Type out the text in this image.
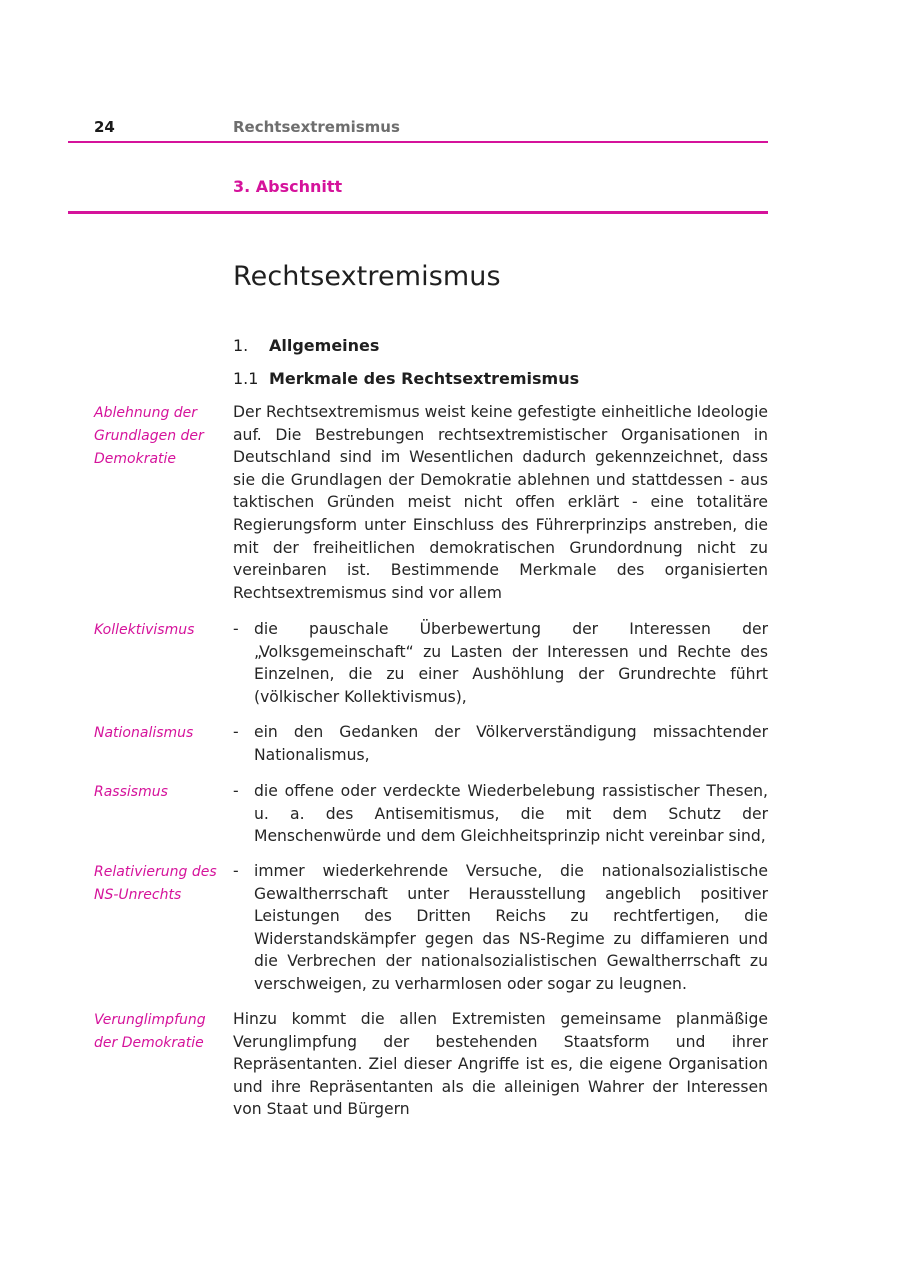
24	Rechtsextremismus
3. Abschnitt
Rechtsextremismus
1. Allgemeines
1.1 Merkmale des Rechtsextremismus
Ablehnung der Grundlagen der Demokratie
Kollektivismus
Nationalismus
Rassismus
Relativierung des NS-Unrechts
Verunglimpfung der Demokratie
Der Rechtsextremismus weist keine gefestigte einheitliche Ideologie auf. Die Bestrebungen rechtsextremistischer Organisationen in Deutschland sind im Wesentlichen dadurch gekennzeichnet, dass sie die Grundlagen der Demokratie ablehnen und stattdessen - aus taktischen Gründen meist nicht offen erklärt - eine totalitäre Regierungsform unter Einschluss des Führerprinzips anstreben, die mit der freiheitlichen demokratischen Grundordnung nicht zu vereinbaren ist. Bestimmende Merkmale des organisierten Rechtsextremismus sind vor allem
- die pauschale Überbewertung der Interessen der „Volksgemeinschaft“ zu Lasten der Interessen und Rechte des Einzelnen, die zu einer Aushöhlung der Grundrechte führt (völkischer Kollektivismus),
- ein den Gedanken der Völkerverständigung missachtender Nationalismus,
- die offene oder verdeckte Wiederbelebung rassistischer Thesen, u. a. des Antisemitismus, die mit dem Schutz der Menschenwürde und dem Gleichheitsprinzip nicht vereinbar sind,
- immer wiederkehrende Versuche, die nationalsozialistische Gewaltherrschaft unter Herausstellung angeblich positiver Leistungen des Dritten Reichs zu rechtfertigen, die Widerstandskämpfer gegen das NS-Regime zu diffamieren und die Verbrechen der nationalsozialistischen Gewaltherrschaft zu verschweigen, zu verharmlosen oder sogar zu leugnen.
Hinzu kommt die allen Extremisten gemeinsame planmäßige Verunglimpfung der bestehenden Staatsform und ihrer Repräsentanten. Ziel dieser Angriffe ist es, die eigene Organisation und ihre Repräsentanten als die alleinigen Wahrer der Interessen von Staat und Bürgern
